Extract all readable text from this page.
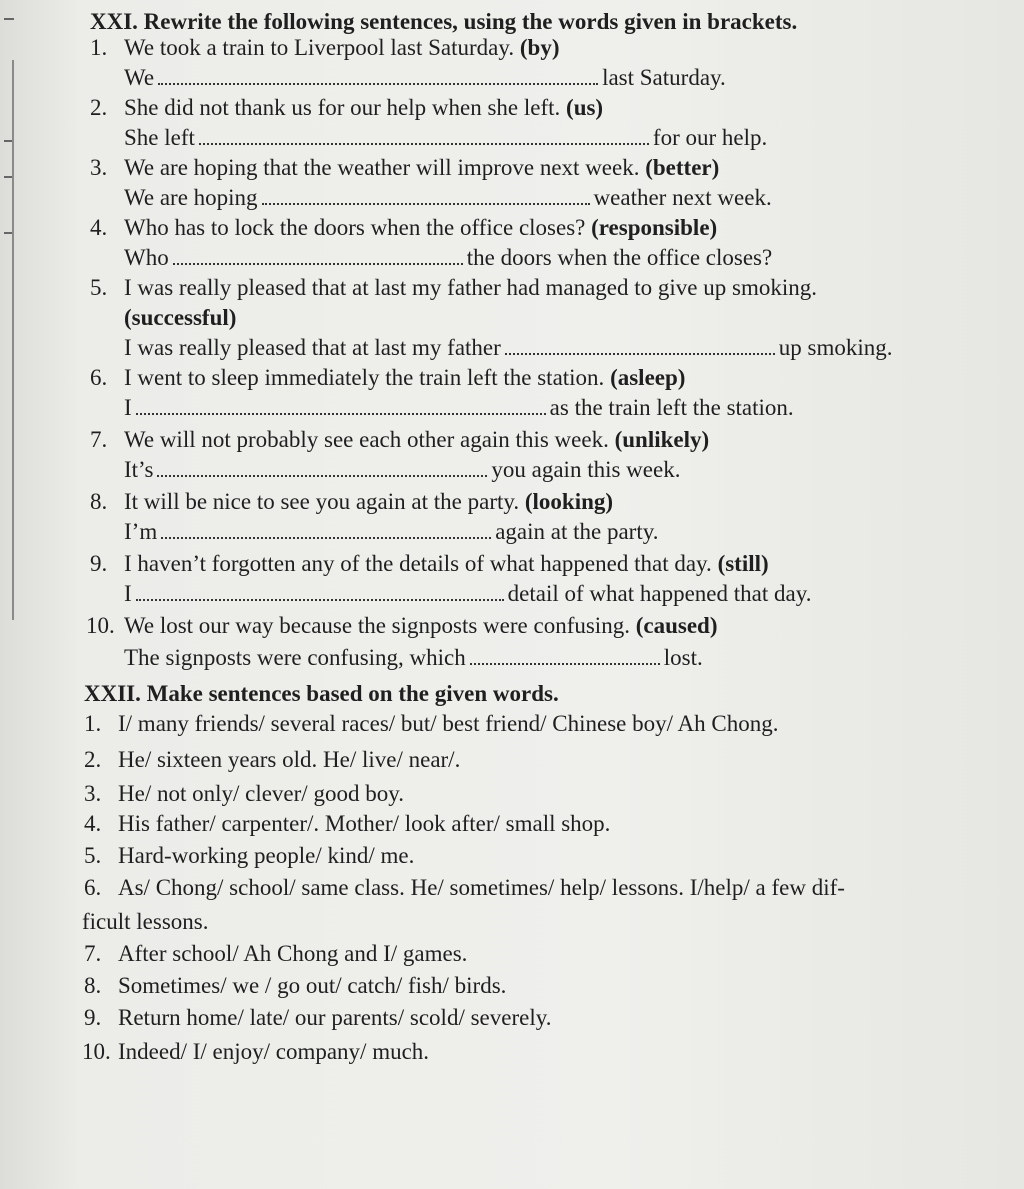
XXI. Rewrite the following sentences, using the words given in brackets.
1. We took a train to Liverpool last Saturday. (by)
We	last Saturday.
2. She did not thank us for our help when she left. (us)
She left	for our help.
3. We are hoping that the weather will improve next week. (better)
We are hoping	weather next week.
4. Who has to lock the doors when the office closes? (responsible)
Who	the doors when the office closes?
5. I was really pleased that at last my father had managed to give up smoking.
(successful)
I was really pleased that at last my father	up smoking.
6. I went to sleep immediately the train left the station. (asleep)
I	as the train left the station.
7. We will not probably see each other again this week. (unlikely)
It’s	you again this week.
8. It will be nice to see you again at the party. (looking)
I’m	again at the party.
9. I haven’t forgotten any of the details of what happened that day. (still)
I	detail of what happened that day.
10. We lost our way because the signposts were confusing. (caused)
The signposts were confusing, which	lost.
XXII. Make sentences based on the given words.
1. I/ many friends/ several races/ but/ best friend/ Chinese boy/ Ah Chong.
2. He/ sixteen years old. He/ live/ near/.
3. He/ not only/ clever/ good boy.
4. His father/ carpenter/. Mother/ look after/ small shop.
5. Hard-working people/ kind/ me.
6. As/ Chong/ school/ same class. He/ sometimes/ help/ lessons. I/help/ a few dif-
ficult lessons.
7. After school/ Ah Chong and I/ games.
8. Sometimes/ we / go out/ catch/ fish/ birds.
9. Return home/ late/ our parents/ scold/ severely.
10. Indeed/ I/ enjoy/ company/ much.
